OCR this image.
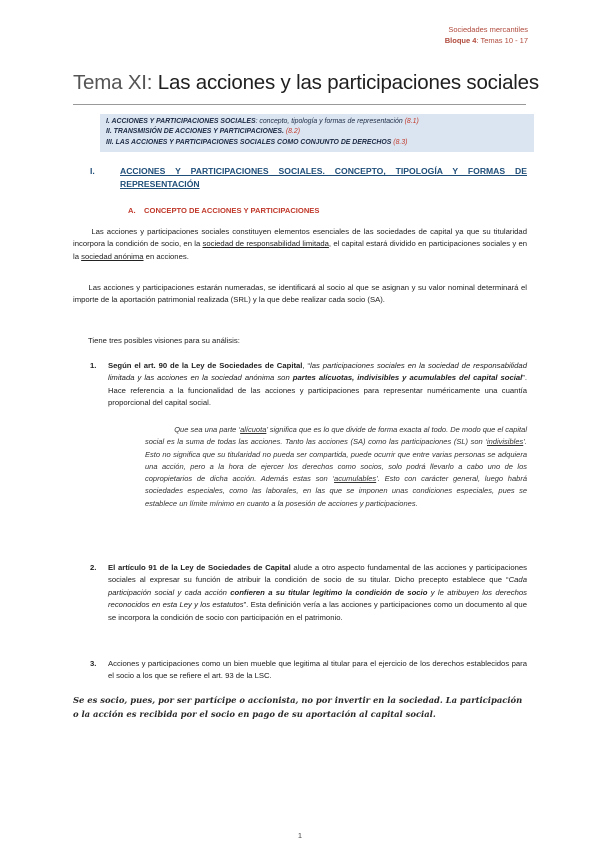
Sociedades mercantiles
Bloque 4: Temas 10 - 17
Tema XI: Las acciones y las participaciones sociales
I. ACCIONES Y PARTICIPACIONES SOCIALES: concepto, tipología y formas de representación (8.1)
II. TRANSMISIÓN DE ACCIONES Y PARTICIPACIONES. (8.2)
III. LAS ACCIONES Y PARTICIPACIONES SOCIALES COMO CONJUNTO DE DERECHOS (8.3)
I.	ACCIONES Y PARTICIPACIONES SOCIALES. CONCEPTO, TIPOLOGÍA Y FORMAS DE REPRESENTACIÓN
A. CONCEPTO DE ACCIONES Y PARTICIPACIONES
Las acciones y participaciones sociales constituyen elementos esenciales de las sociedades de capital ya que su titularidad incorpora la condición de socio, en la sociedad de responsabilidad limitada, el capital estará dividido en participaciones sociales y en la sociedad anónima en acciones.
Las acciones y participaciones estarán numeradas, se identificará al socio al que se asignan y su valor nominal determinará el importe de la aportación patrimonial realizada (SRL) y la que debe realizar cada socio (SA).
Tiene tres posibles visiones para su análisis:
1. Según el art. 90 de la Ley de Sociedades de Capital, “las participaciones sociales en la sociedad de responsabilidad limitada y las acciones en la sociedad anónima son partes alícuotas, indivisibles y acumulables del capital social”. Hace referencia a la funcionalidad de las acciones y participaciones para representar numéricamente una cuantía proporcional del capital social.
Que sea una parte ‘alícuota’ significa que es lo que divide de forma exacta al todo. De modo que el capital social es la suma de todas las acciones. Tanto las acciones (SA) como las participaciones (SL) son ‘indivisibles’. Esto no significa que su titularidad no pueda ser compartida, puede ocurrir que entre varias personas se adquiera una acción, pero a la hora de ejercer los derechos como socios, solo podrá llevarlo a cabo uno de los copropietarios de dicha acción. Además estas son ‘acumulables’. Esto con carácter general, luego habrá sociedades especiales, como las laborales, en las que se imponen unas condiciones especiales, pues se establece un límite mínimo en cuanto a la posesión de acciones y participaciones.
2. El artículo 91 de la Ley de Sociedades de Capital alude a otro aspecto fundamental de las acciones y participaciones sociales al expresar su función de atribuir la condición de socio de su titular. Dicho precepto establece que “Cada participación social y cada acción confieren a su titular legítimo la condición de socio y le atribuyen los derechos reconocidos en esta Ley y los estatutos”. Esta definición vería a las acciones y participaciones como un documento al que se incorpora la condición de socio con participación en el patrimonio.
3. Acciones y participaciones como un bien mueble que legitima al titular para el ejercicio de los derechos establecidos para el socio a los que se refiere el art. 93 de la LSC.
Se es socio, pues, por ser partícipe o accionista, no por invertir en la sociedad. La participación o la acción es recibida por el socio en pago de su aportación al capital social.
1
